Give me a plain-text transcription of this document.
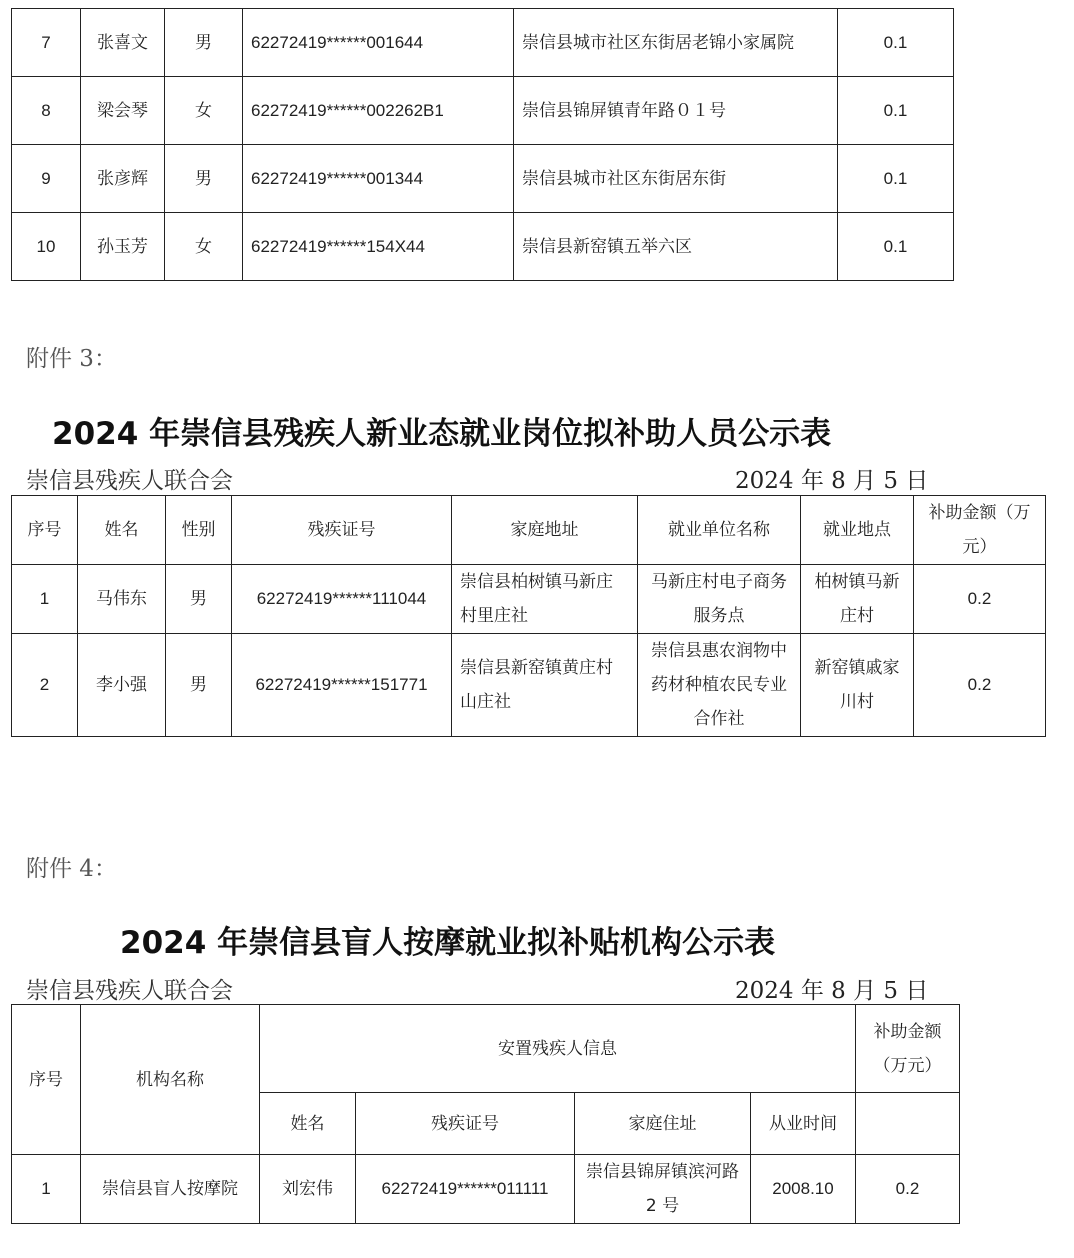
7	张喜文	男	62272419******001644	崇信县城市社区东街居老锦小家属院	0.1
8	梁会琴	女	62272419******002262B1	崇信县锦屏镇青年路０１号	0.1
9	张彦辉	男	62272419******001344	崇信县城市社区东街居东街	0.1
10	孙玉芳	女	62272419******154X44	崇信县新窑镇五举六区	0.1
附件 3：
2024 年崇信县残疾人新业态就业岗位拟补助人员公示表
崇信县残疾人联合会	2024 年 8 月 5 日
序号	姓名	性别	残疾证号	家庭地址	就业单位名称	就业地点	补助金额（万元）
1	马伟东	男	62272419******111044	崇信县柏树镇马新庄村里庄社	马新庄村电子商务服务点	柏树镇马新庄村	0.2
2	李小强	男	62272419******151771	崇信县新窑镇黄庄村山庄社	崇信县惠农润物中药材种植农民专业合作社	新窑镇戚家川村	0.2
附件 4：
2024 年崇信县盲人按摩就业拟补贴机构公示表
崇信县残疾人联合会	2024 年 8 月 5 日
序号	机构名称	安置残疾人信息				补助金额（万元）
		姓名	残疾证号	家庭住址	从业时间	
1	崇信县盲人按摩院	刘宏伟	62272419******011111	崇信县锦屏镇滨河路 2 号	2008.10	0.2
